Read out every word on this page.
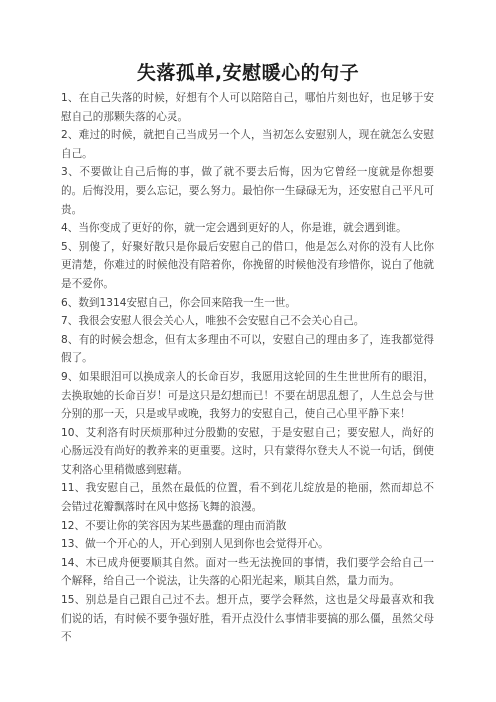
失落孤单,安慰暖心的句子

1、在自己失落的时候，好想有个人可以陪陪自己，哪怕片刻也好，也足够于安慰自己的那颗失落的心灵。

2、难过的时候，就把自己当成另一个人，当初怎么安慰别人，现在就怎么安慰自己。

3、不要做让自己后悔的事，做了就不要去后悔，因为它曾经一度就是你想要的。后悔没用，要么忘记，要么努力。最怕你一生碌碌无为，还安慰自己平凡可贵。

4、当你变成了更好的你，就一定会遇到更好的人，你是谁，就会遇到谁。

5、别傻了，好聚好散只是你最后安慰自己的借口，他是怎么对你的没有人比你更清楚，你难过的时候他没有陪着你，你挽留的时候他没有珍惜你，说白了他就是不爱你。

6、数到1314安慰自己，你会回来陪我一生一世。

7、我很会安慰人很会关心人，唯独不会安慰自己不会关心自己。

8、有的时候会想念，但有太多理由不可以，安慰自己的理由多了，连我都觉得假了。

9、如果眼泪可以换成亲人的长命百岁，我愿用这轮回的生生世世所有的眼泪，去换取她的长命百岁！可是这只是幻想而已！不要在胡思乱想了，人生总会与世分别的那一天，只是或早或晚，我努力的安慰自己，使自己心里平静下来！

10、艾利洛有时厌烦那种过分殷勤的安慰，于是安慰自己；要安慰人，尚好的心肠远没有尚好的教养来的更重要。这时，只有蒙得尔登夫人不说一句话，倒使艾利洛心里稍微感到慰藉。

11、我安慰自己，虽然在最低的位置，看不到花儿绽放是的艳丽，然而却总不会错过花瓣飘落时在风中悠扬飞舞的浪漫。

12、不要让你的笑容因为某些愚蠢的理由而消散

13、做一个开心的人，开心到别人见到你也会觉得开心。

14、木已成舟便要顺其自然。面对一些无法挽回的事情，我们要学会给自己一个解释，给自己一个说法，让失落的心阳光起来，顺其自然，量力而为。

15、别总是自己跟自己过不去。想开点，要学会释然，这也是父母最喜欢和我们说的话，有时候不要争强好胜，看开点没什么事情非要搞的那么僵，虽然父母不
